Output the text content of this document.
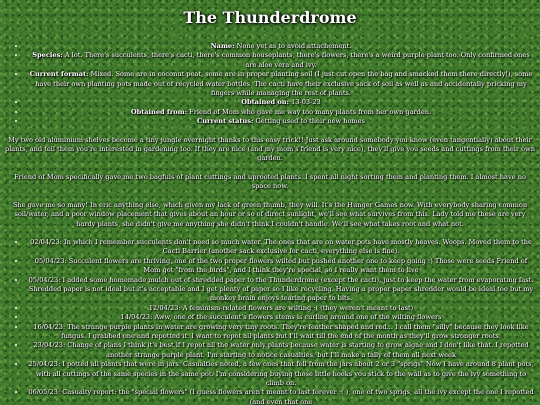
The Thunderdrome
• Name: None yet as to avoid attachement.
• Species: A lot. There's succulents, there's cacti, there's common houseplants, there's flowers, there's a weird purple plant too. Only confirmed ones are aloe vera and ivy.
• Current format: Mixed. Some are in coconut peat, some are in proper planting soil (I just cut open the bag and smacked them there directly!), some have their own planting pots made out of recycled water bottles. The cacti have their exclusive sack of soil as well as and accidentally pricking my fingers while managing the rest of plants.
• Obtained on: 13-03-23
• Obtained from: Friend of Mom who gave me way too many plants from her own garden.
• Current status: Getting used to their new homes

My two old aluminium shelves become a tiny jungle overnight thanks to this easy trick!! Just ask around somebody you know (even tangentially) about their plants, and tell them you're interested in gardening too. If they are nice (and my mom's friend is very nice), they'll give you seeds and cuttings from their own garden.

Friend of Mom specifically gave me two bagfuls of plant cuttings and uprooted plants. I spent all night sorting them and planting them. I almost have no space now.

She gave me so many! In eric anything else, which given my lack of green thumb, they will. It's the Hunger Games now. With everybody sharing common soil/water, and a poor window placement that gives about an hour or so of direct sunlight, we'll see what survives from this. Lady told me these are very hardy plants, she didn't give me anything she didn't think I couldn't handle. We'll see what takes root and what not.

• 02/04/23: In which I remember succulents don't need so much water. The ones that are on water pots have mostly heaves. Woops. Moved them to the Cacti Barrier (another sack exclusive for cacti, everything else is fine).
• 05/04/23: Succulent flowers are thriving, one of the two proper flowers wilted but pushed another one to keep going :) Those were seeds Friend of Mom got "from the birds", and I think they're special, so I really want them to live
• 05/04/23: I added some homemade mulch out of shredded paper to the Thunderdrome (except the cacti), just to keep the water from evaporating fast. Shredded paper is not ideal but it's acceptable and I get plenty of paper so I like recycling. Having a proper paper shredder would be ideal too but my monkey brain enjoys tearing paper to bits.
• 12/04/23: A feminism-related flowers are wilting :( (they weren't meant to last)
• 14/04/23: Aww, one of the succulent's flowers stems is curling around one of the wilting flowers
• 16/04/23: The strange purple plants in water are growing very tiny roots. They're feather shaped and red... I call them "silly" because they look like fungus. I grabbed one and repotted it. I want to repot all plants but I'll wait till the end of the month as they'll grow stronger roots.
• 23/04/23: Change of plans I think it's best if I repot all the water only plants because water is starting to grow algae and I don't like that. I repotted another strange purple plant. I'm starting to notice casualties, but I'll make a tally of them all next week
• 25/04/23: I potted all plants that were in jars. Casualties noted, a few ones that fell from the jars about 2 or 3 "sprigs" Now I have around 8 plant pots, with all cuttings of the same species in the same pot. I'm considering buying those little hooks you stick to the wall as to give the ivy something to climb on.
• 06/05/23: Casualty report: the "special flowers" (I guess flowers aren't meant to last forever :( ), one of two sprigs, all the ivy except the one I repotted (and even that one
